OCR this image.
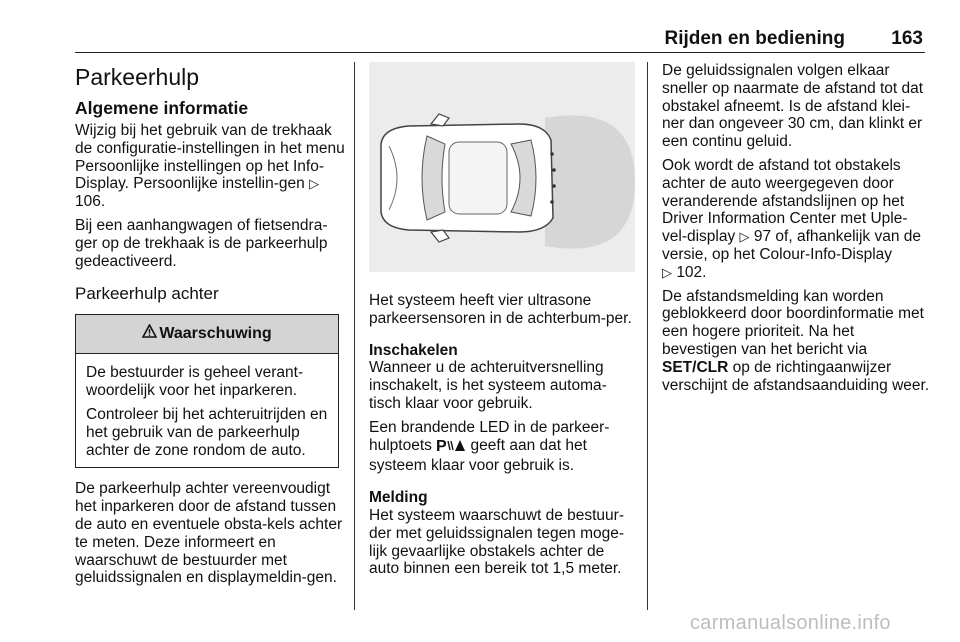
Rijden en bediening 163
Parkeerhulp
Algemene informatie

Wijzig bij het gebruik van de trekhaak de configuratie-instellingen in het menu Persoonlijke instellingen op het Info-Display. Persoonlijke instellin-gen ▷ 106.

Bij een aanhangwagen of fietsendra-ger op de trekhaak is de parkeerhulp gedeactiveerd.

Parkeerhulp achter
Waarschuwing

De bestuurder is geheel verant-woordelijk voor het inparkeren.

Controleer bij het achteruitrijden en het gebruik van de parkeerhulp achter de zone rondom de auto.

De parkeerhulp achter vereenvoudigt het inparkeren door de afstand tussen de auto en eventuele obsta-kels achter te meten. Deze informeert en waarschuwt de bestuurder met geluidssignalen en displaymeldin-gen.

Het systeem heeft vier ultrasone parkeersensoren in de achterbum-per.

Inschakelen

Wanneer u de achteruitversnelling inschakelt, is het systeem automa-tisch klaar voor gebruik.

Een brandende LED in de parkeer-hulptoets P geeft aan dat het systeem klaar voor gebruik is.

Melding

Het systeem waarschuwt de bestuur-der met geluidssignalen tegen moge-lijk gevaarlijke obstakels achter de auto binnen een bereik tot 1,5 meter.

De geluidssignalen volgen elkaar sneller op naarmate de afstand tot dat obstakel afneemt. Is de afstand klei-ner dan ongeveer 30 cm, dan klinkt er een continu geluid.

Ook wordt de afstand tot obstakels achter de auto weergegeven door veranderende afstandslijnen op het Driver Information Center met Uple-vel-display ▷ 97 of, afhankelijk van de versie, op het Colour-Info-Display
▷ 102.

De afstandsmelding kan worden geblokkeerd door boordinformatie met een hogere prioriteit. Na het bevestigen van het bericht via
SET/CLR op de richtingaanwijzer verschijnt de afstandsaanduiding weer.

carmanualsonline.info
